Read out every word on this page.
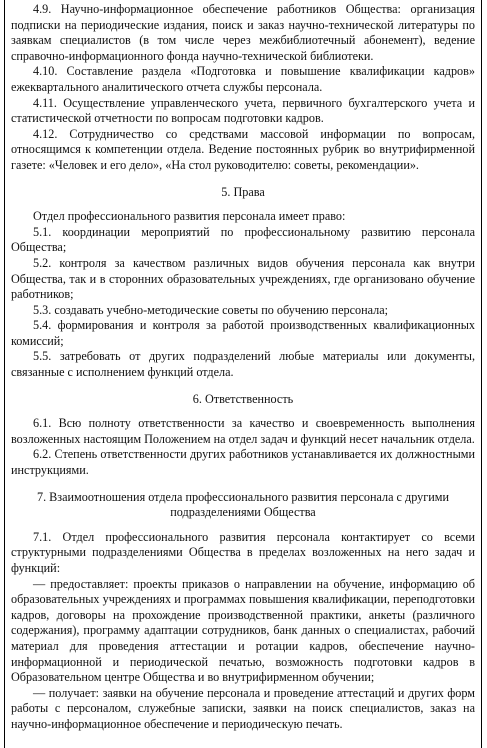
4.9. Научно-информационное обеспечение работников Общества: организация подписки на периодические издания, поиск и заказ научно-технической литературы по заявкам специалистов (в том числе через межбиблиотечный абонемент), ведение справочно-информационного фонда научно-технической библиотеки.

4.10. Составление раздела «Подготовка и повышение квалификации кадров» ежеквартального аналитического отчета службы персонала.

4.11. Осуществление управленческого учета, первичного бухгалтерского учета и статистической отчетности по вопросам подготовки кадров.

4.12. Сотрудничество со средствами массовой информации по вопросам, относящимся к компетенции отдела. Ведение постоянных рубрик во внутрифирменной газете: «Человек и его дело», «На стол руководителю: советы, рекомендации».

5. Права

Отдел профессионального развития персонала имеет право:

5.1. координации мероприятий по профессиональному развитию персонала Общества;

5.2. контроля за качеством различных видов обучения персонала как внутри Общества, так и в сторонних образовательных учреждениях, где организовано обучение работников;

5.3. создавать учебно-методические советы по обучению персонала;

5.4. формирования и контроля за работой производственных квалификационных комиссий;

5.5. затребовать от других подразделений любые материалы или документы, связанные с исполнением функций отдела.

6. Ответственность

6.1. Всю полноту ответственности за качество и своевременность выполнения возложенных настоящим Положением на отдел задач и функций несет начальник отдела.

6.2. Степень ответственности других работников устанавливается их должностными инструкциями.

7. Взаимоотношения отдела профессионального развития персонала с другими подразделениями Общества

7.1. Отдел профессионального развития персонала контактирует со всеми структурными подразделениями Общества в пределах возложенных на него задач и функций:

— предоставляет: проекты приказов о направлении на обучение, информацию об образовательных учреждениях и программах повышения квалификации, переподготовки кадров, договоры на прохождение производственной практики, анкеты (различного содержания), программу адаптации сотрудников, банк данных о специалистах, рабочий материал для проведения аттестации и ротации кадров, обеспечение научно-информационной и периодической печатью, возможность подготовки кадров в Образовательном центре Общества и во внутрифирменном обучении;

— получает: заявки на обучение персонала и проведение аттестаций и других форм работы с персоналом, служебные записки, заявки на поиск специалистов, заказ на научно-информационное обеспечение и периодическую печать.
